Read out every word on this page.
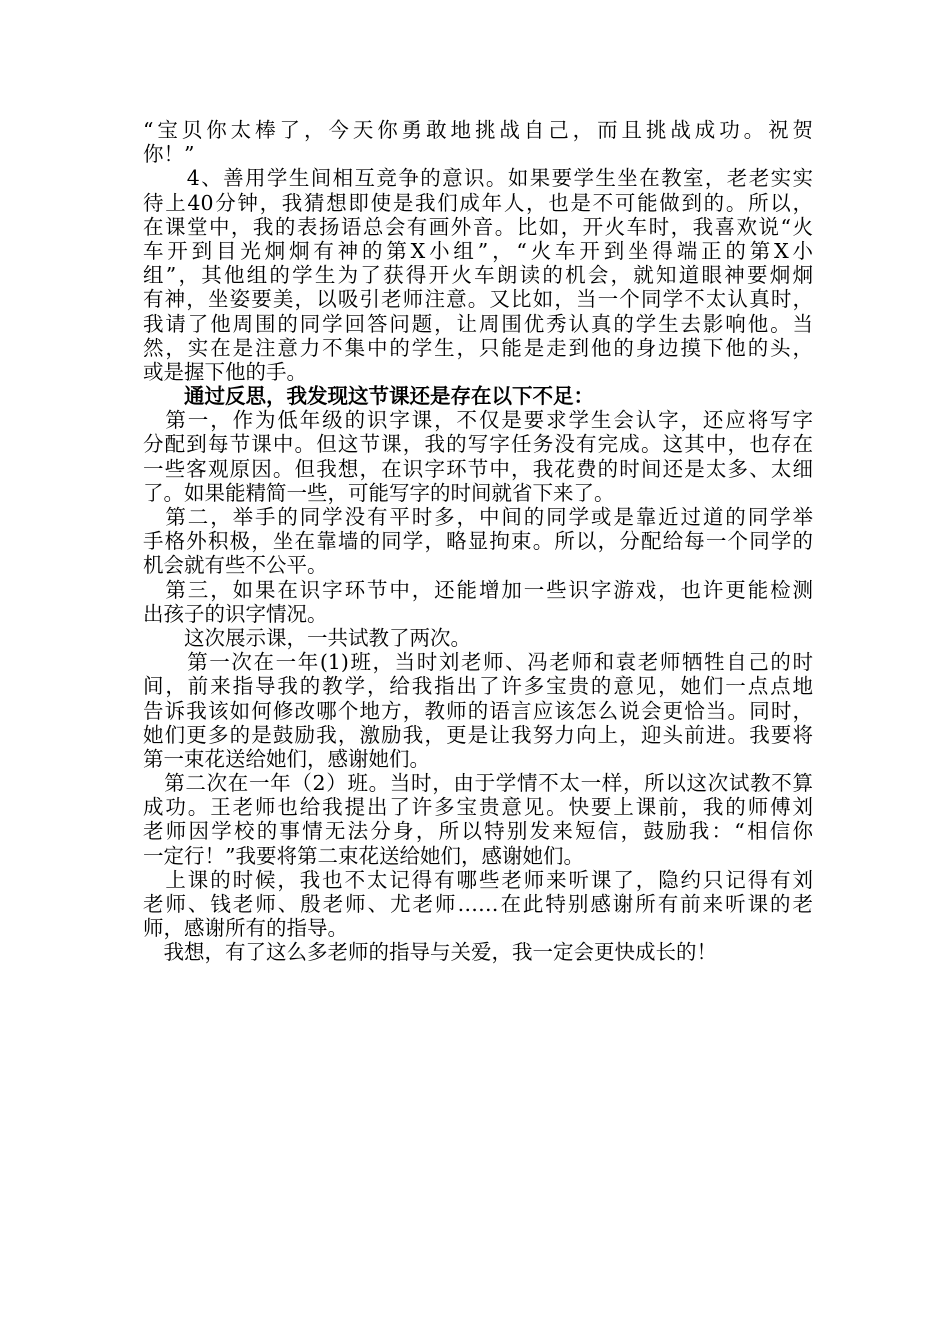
“宝贝你太棒了，今天你勇敢地挑战自己，而且挑战成功。祝贺
你！”
　　4、善用学生间相互竞争的意识。如果要学生坐在教室，老老实实
待上40分钟，我猜想即使是我们成年人，也是不可能做到的。所以，
在课堂中，我的表扬语总会有画外音。比如，开火车时，我喜欢说“火
车开到目光炯炯有神的第X小组”，“火车开到坐得端正的第X小
组”，其他组的学生为了获得开火车朗读的机会，就知道眼神要炯炯
有神，坐姿要美，以吸引老师注意。又比如，当一个同学不太认真时，
我请了他周围的同学回答问题，让周围优秀认真的学生去影响他。当
然，实在是注意力不集中的学生，只能是走到他的身边摸下他的头，
或是握下他的手。
　　通过反思，我发现这节课还是存在以下不足：
　第一，作为低年级的识字课，不仅是要求学生会认字，还应将写字
分配到每节课中。但这节课，我的写字任务没有完成。这其中，也存在
一些客观原因。但我想，在识字环节中，我花费的时间还是太多、太细
了。如果能精简一些，可能写字的时间就省下来了。
　第二，举手的同学没有平时多，中间的同学或是靠近过道的同学举
手格外积极，坐在靠墙的同学，略显拘束。所以，分配给每一个同学的
机会就有些不公平。
　第三，如果在识字环节中，还能增加一些识字游戏，也许更能检测
出孩子的识字情况。
　　这次展示课，一共试教了两次。
　　第一次在一年(1)班，当时刘老师、冯老师和袁老师牺牲自己的时
间，前来指导我的教学，给我指出了许多宝贵的意见，她们一点点地
告诉我该如何修改哪个地方，教师的语言应该怎么说会更恰当。同时，
她们更多的是鼓励我，激励我，更是让我努力向上，迎头前进。我要将
第一束花送给她们，感谢她们。
　第二次在一年（2）班。当时，由于学情不太一样，所以这次试教不算
成功。王老师也给我提出了许多宝贵意见。快要上课前，我的师傅刘
老师因学校的事情无法分身，所以特别发来短信，鼓励我：“相信你
一定行！”我要将第二束花送给她们，感谢她们。
　上课的时候，我也不太记得有哪些老师来听课了，隐约只记得有刘
老师、钱老师、殷老师、尤老师……在此特别感谢所有前来听课的老
师，感谢所有的指导。
　我想，有了这么多老师的指导与关爱，我一定会更快成长的！
